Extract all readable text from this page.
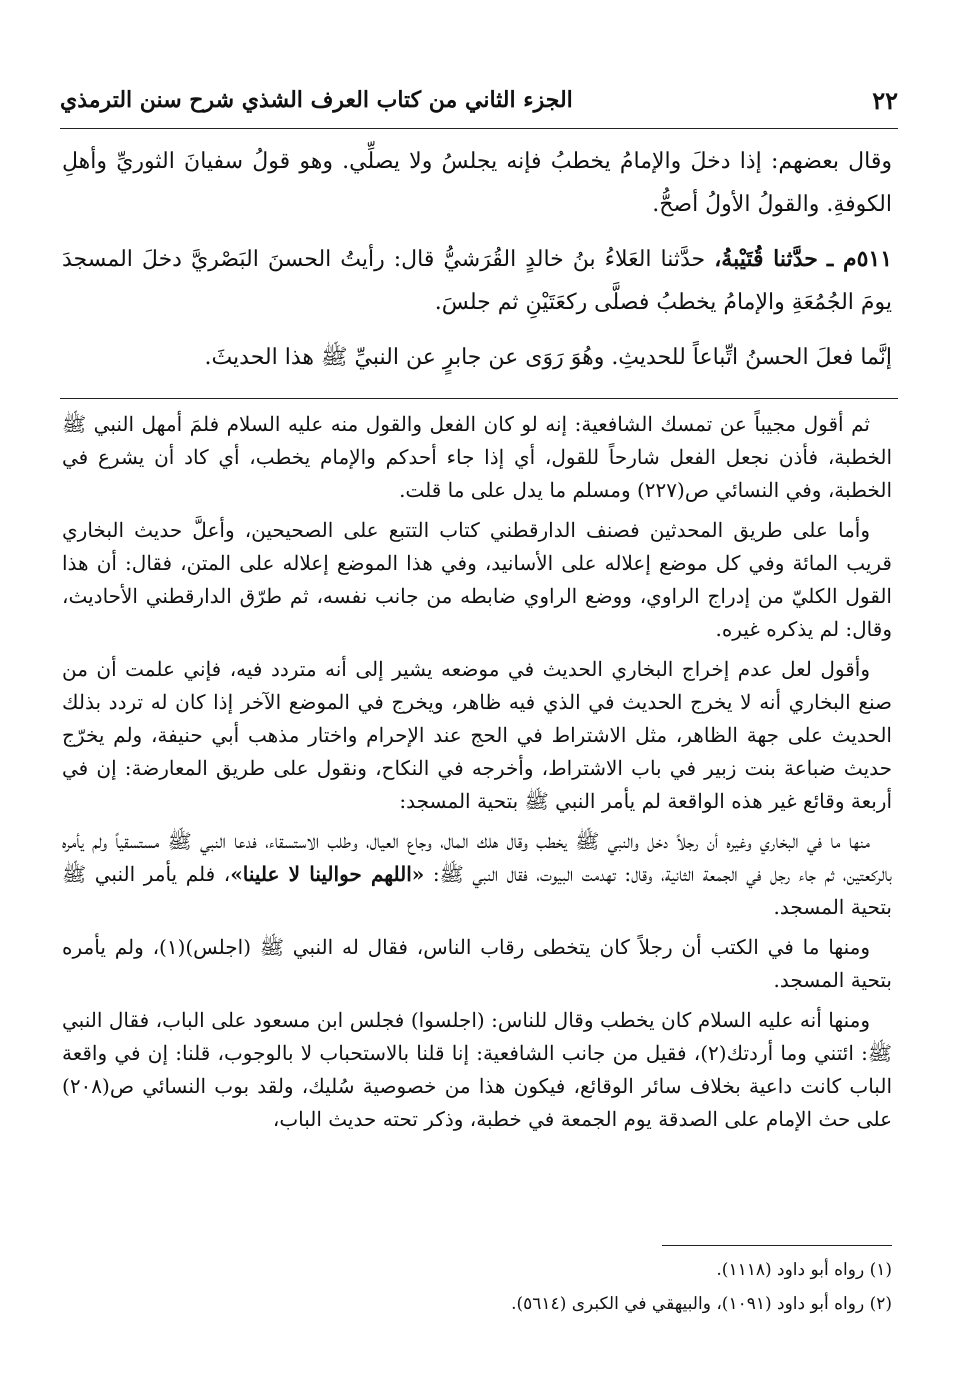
٢٢
الجزء الثاني من كتاب العرف الشذي شرح سنن الترمذي

وقال بعضهم: إذا دخلَ والإمامُ يخطبُ فإنه يجلسُ ولا يصلِّي. وهو قولُ سفيانَ الثوريِّ وأهلِ الكوفةِ. والقولُ الأولُ أصحُّ.

٥١١م ـ حدَّثنا قُتَيْبةُ، حدَّثنا العَلاءُ بنُ خالدٍ القُرَشيُّ قال: رأيتُ الحسنَ البَصْريَّ دخلَ المسجدَ يومَ الجُمُعَةِ والإمامُ يخطبُ فصلَّى ركعَتَيْنِ ثم جلسَ.

إنَّما فعلَ الحسنُ اتِّباعاً للحديثِ. وهُوَ رَوَى عن جابرٍ عن النبيِّ ﷺ هذا الحديثَ.

ثم أقول مجيباً عن تمسك الشافعية: إنه لو كان الفعل والقول منه عليه السلام فلمَ أمهل النبي ﷺ الخطبة، فأذن نجعل الفعل شارحاً للقول، أي إذا جاء أحدكم والإمام يخطب، أي كاد أن يشرع في الخطبة، وفي النسائي ص(٢٢٧) ومسلم ما يدل على ما قلت.

وأما على طريق المحدثين فصنف الدارقطني كتاب التتبع على الصحيحين، وأعلَّ حديث البخاري قريب المائة وفي كل موضع إعلاله على الأسانيد، وفي هذا الموضع إعلاله على المتن، فقال: أن هذا القول الكليّ من إدراج الراوي، ووضع الراوي ضابطه من جانب نفسه، ثم طرّق الدارقطني الأحاديث، وقال: لم يذكره غيره.

وأقول لعل عدم إخراج البخاري الحديث في موضعه يشير إلى أنه متردد فيه، فإني علمت أن من صنع البخاري أنه لا يخرج الحديث في الذي فيه ظاهر، ويخرج في الموضع الآخر إذا كان له تردد بذلك الحديث على جهة الظاهر، مثل الاشتراط في الحج عند الإحرام واختار مذهب أبي حنيفة، ولم يخرّج حديث ضباعة بنت زبير في باب الاشتراط، وأخرجه في النكاح، ونقول على طريق المعارضة: إن في أربعة وقائع غير هذه الواقعة لم يأمر النبي ﷺ بتحية المسجد:

منها ما في البخاري وغيره أن رجلاً دخل والنبي ﷺ يخطب وقال هلك المال، وجاع العيال، وطلب الاستسقاء، فدعا النبي ﷺ مستسقياً ولم يأمره بالركعتين، ثم جاء رجل في الجمعة الثانية، وقال: تهدمت البيوت، فقال النبي ﷺ: «اللهم حوالينا لا علينا»، فلم يأمر النبي ﷺ بتحية المسجد.

ومنها ما في الكتب أن رجلاً كان يتخطى رقاب الناس، فقال له النبي ﷺ (اجلس)(١)، ولم يأمره بتحية المسجد.

ومنها أنه عليه السلام كان يخطب وقال للناس: (اجلسوا) فجلس ابن مسعود على الباب، فقال النبي ﷺ: ائتني وما أردتك(٢)، فقيل من جانب الشافعية: إنا قلنا بالاستحباب لا بالوجوب، قلنا: إن في واقعة الباب كانت داعية بخلاف سائر الوقائع، فيكون هذا من خصوصية سُليك، ولقد بوب النسائي ص(٢٠٨) على حث الإمام على الصدقة يوم الجمعة في خطبة، وذكر تحته حديث الباب،

(١) رواه أبو داود (١١١٨).

(٢) رواه أبو داود (١٠٩١)، والبيهقي في الكبرى (٥٦١٤).
